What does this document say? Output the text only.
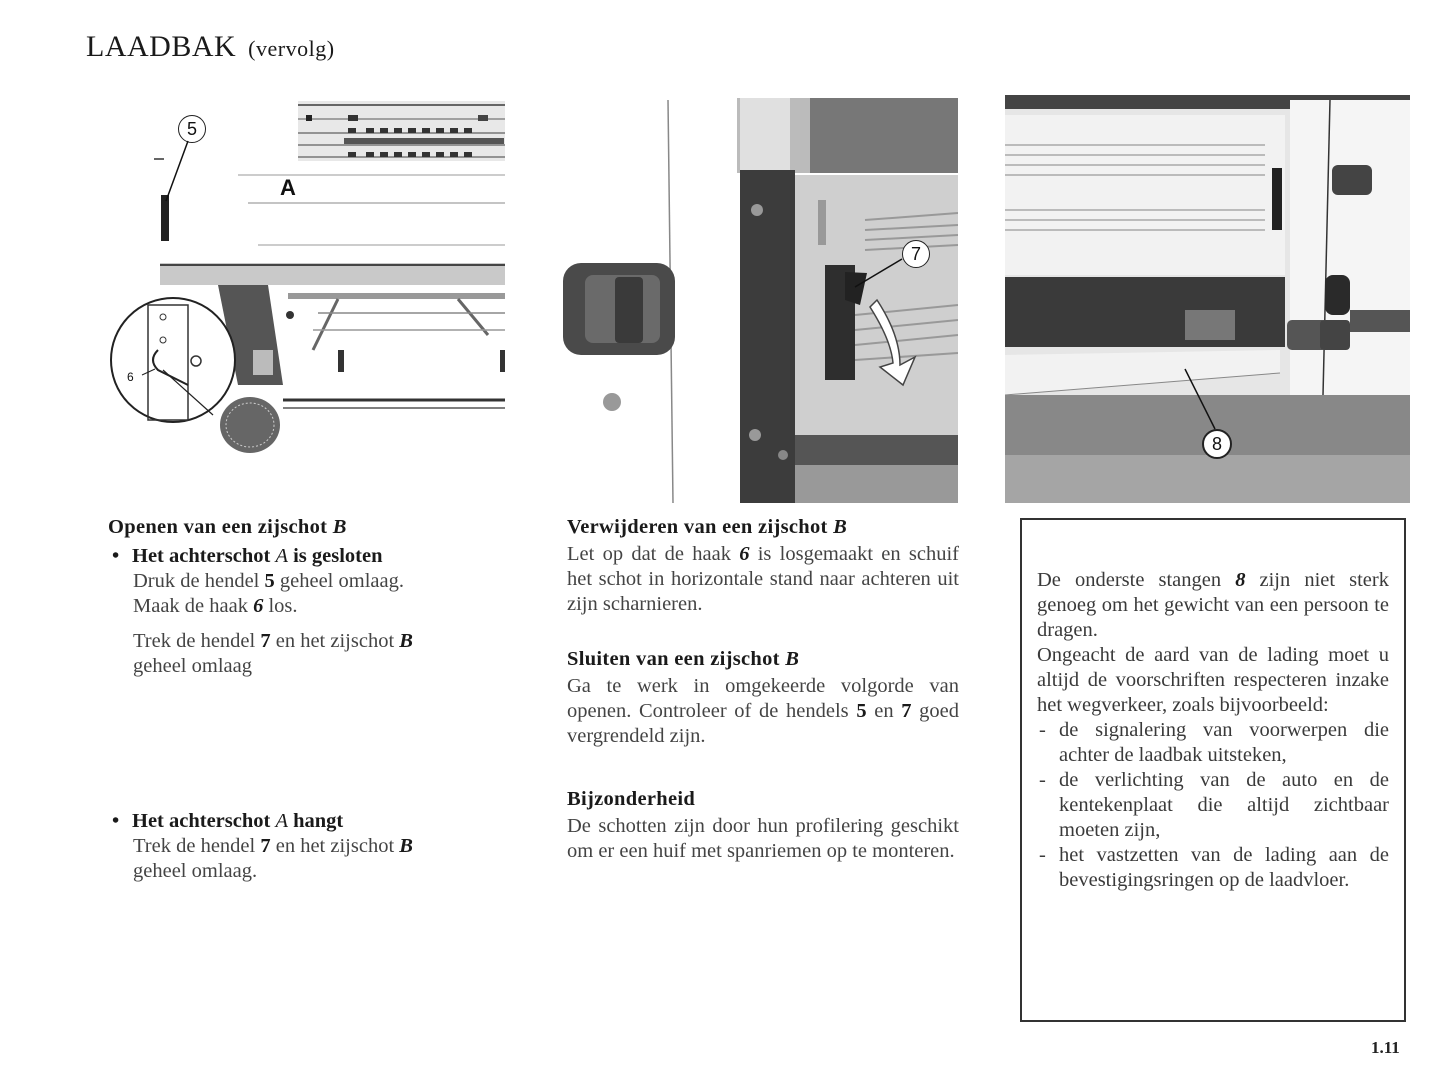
LAADBAK (vervolg)
5
A
6
7
8
Openen van een zijschot B
• Het achterschot A is gesloten
Druk de hendel 5 geheel omlaag.
Maak de haak 6 los.
Trek de hendel 7 en het zijschot B
geheel omlaag
• Het achterschot A hangt
Trek de hendel 7 en het zijschot B
geheel omlaag.
Verwijderen van een zijschot B
Let op dat de haak 6 is losgemaakt en schuif het schot in horizontale stand naar achteren uit zijn scharnieren.
Sluiten van een zijschot B
Ga te werk in omgekeerde volgorde van openen. Controleer of de hendels 5 en 7 goed vergrendeld zijn.
Bijzonderheid
De schotten zijn door hun profilering geschikt om er een huif met spanriemen op te monteren.
De onderste stangen 8 zijn niet sterk genoeg om het gewicht van een persoon te dragen.
Ongeacht de aard van de lading moet u altijd de voorschriften respecteren inzake het wegverkeer, zoals bijvoorbeeld:
- de signalering van voorwerpen die achter de laadbak uitsteken,
- de verlichting van de auto en de kentekenplaat die altijd zichtbaar moeten zijn,
- het vastzetten van de lading aan de bevestigingsringen op de laadvloer.
1.11
